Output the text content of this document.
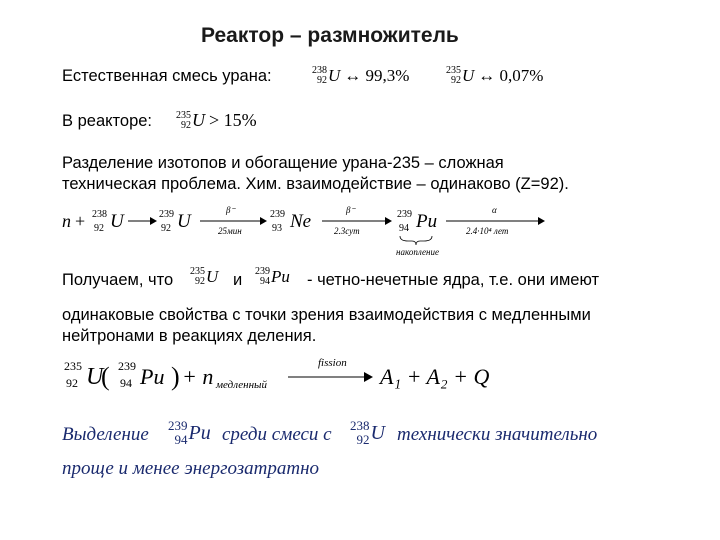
Реактор – размножитель
Естественная смесь урана:	238
92 U ↔ 99,3%	235
92 U ↔ 0,07%
В реакторе: 235
92 U > 15%
Разделение изотопов и обогащение урана-235 – сложная
техническая проблема. Хим. взаимодействие – одинаково (Z=92).
n + 238
92 U	239
92 U
β⁻
25мин
239
93 Ne
β⁻
2.3сут
239
94 Pu
накопление
α
2.4·10⁴ лет
Получаем, что 235
92 U и 239
94 Pu - четно-нечетные ядра, т.е. они имеют
одинаковые свойства с точки зрения взаимодействия с медленными
нейтронами в реакциях деления.
235
92 U
( 239
94 Pu ) + n медленный
fission
A₁ + A₂ + Q
Выделение 239
94 Pu среди смеси с 238
92 U технически значительно
проще и менее энергозатратно
